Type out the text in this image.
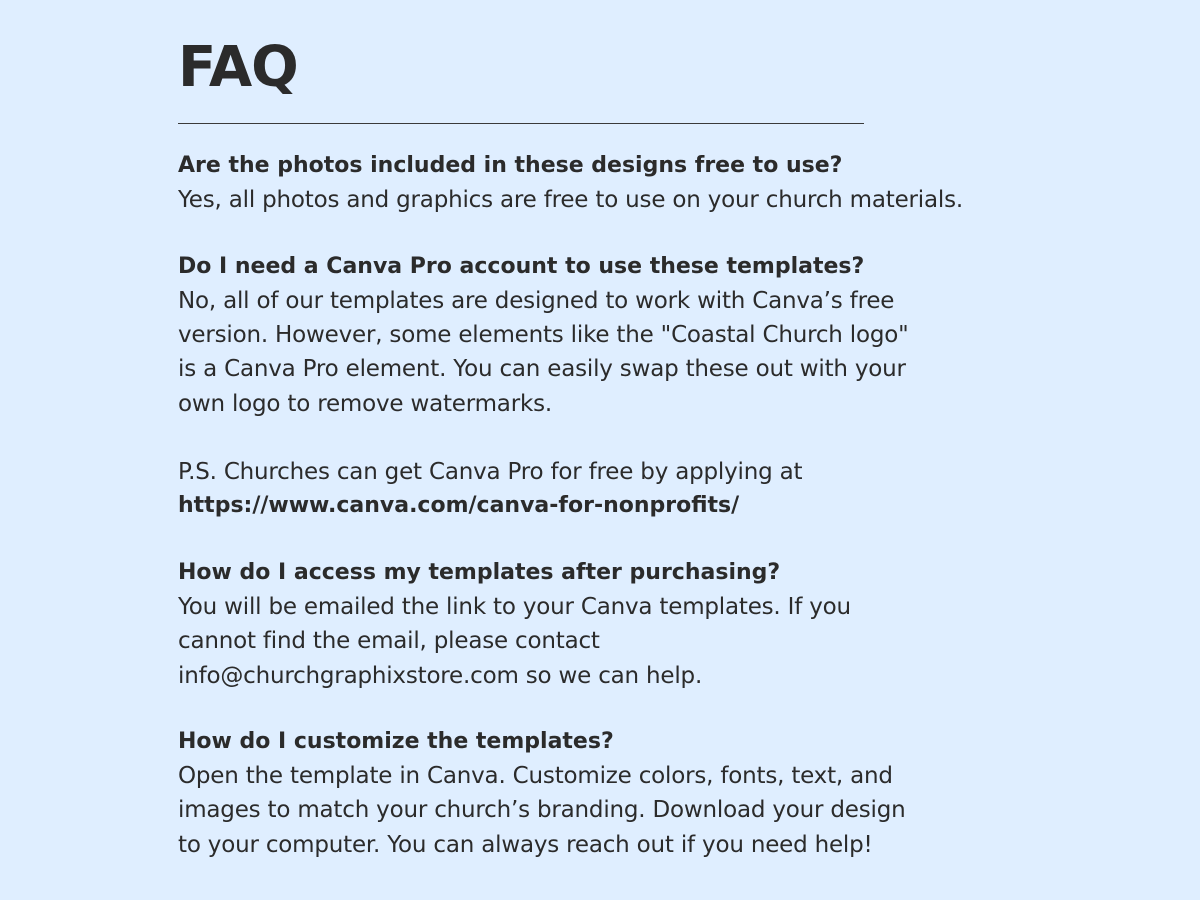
FAQ

Are the photos included in these designs free to use?

Yes, all photos and graphics are free to use on your church materials.

Do I need a Canva Pro account to use these templates?

No, all of our templates are designed to work with Canva’s free

version. However, some elements like the "Coastal Church logo"

is a Canva Pro element. You can easily swap these out with your

own logo to remove watermarks.

P.S. Churches can get Canva Pro for free by applying at

https://www.canva.com/canva-for-nonprofits/

How do I access my templates after purchasing?

You will be emailed the link to your Canva templates. If you

cannot find the email, please contact

info@churchgraphixstore.com so we can help.

How do I customize the templates?

Open the template in Canva. Customize colors, fonts, text, and

images to match your church’s branding. Download your design

to your computer. You can always reach out if you need help!
